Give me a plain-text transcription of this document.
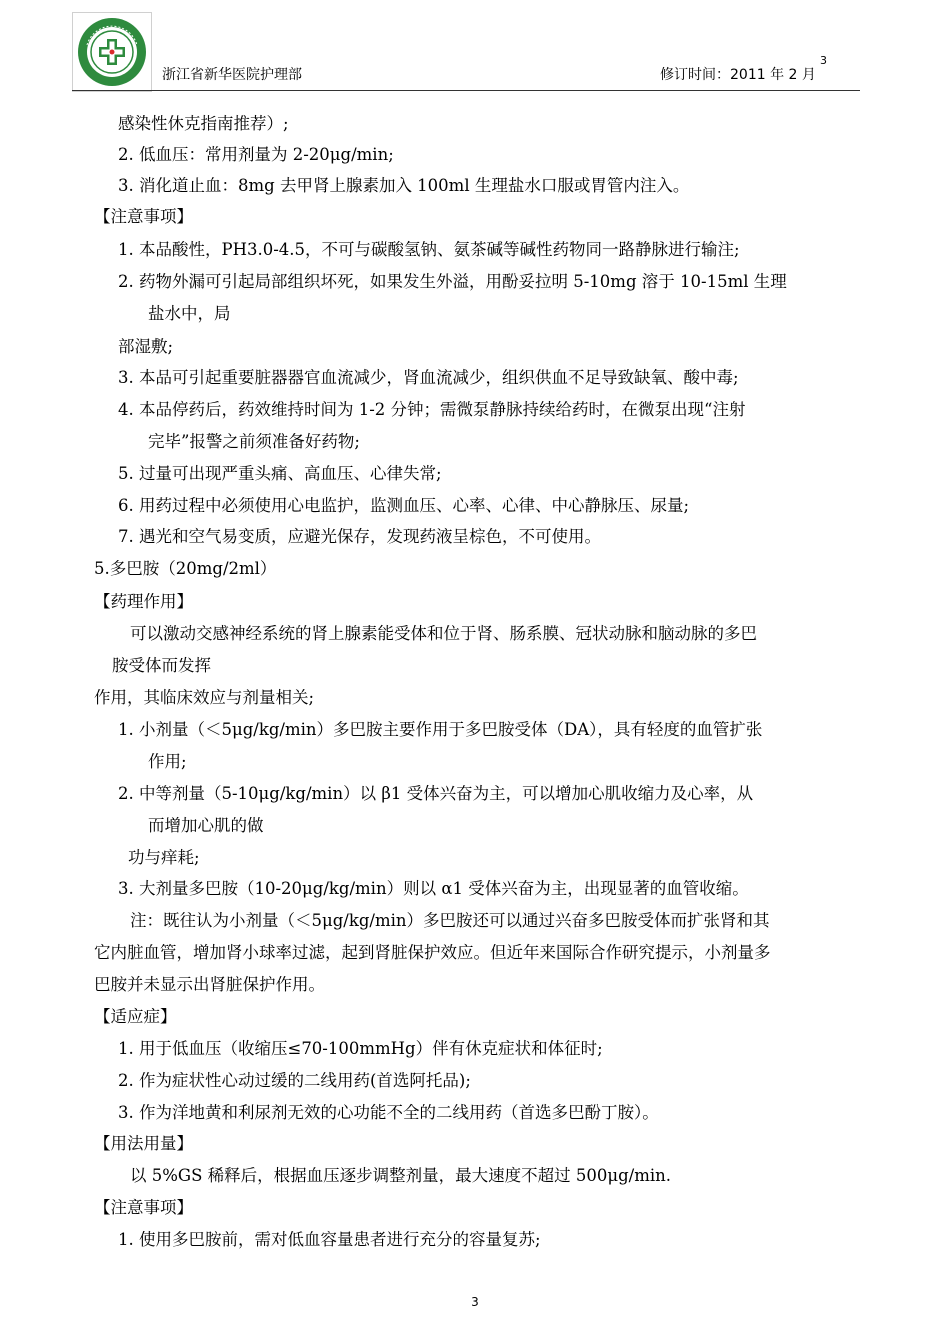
浙江省新华医院护理部	修订时间：2011 年 2 月
3
感染性休克指南推荐）;
2. 低血压：常用剂量为 2-20μg/min;
3. 消化道止血：8mg 去甲肾上腺素加入 100ml 生理盐水口服或胃管内注入。
【注意事项】
1. 本品酸性，PH3.0-4.5，不可与碳酸氢钠、氨茶碱等碱性药物同一路静脉进行输注;
2. 药物外漏可引起局部组织坏死，如果发生外溢，用酚妥拉明 5-10mg 溶于 10-15ml 生理
盐水中，局
部湿敷;
3. 本品可引起重要脏器器官血流减少，肾血流减少，组织供血不足导致缺氧、酸中毒;
4. 本品停药后，药效维持时间为 1-2 分钟；需微泵静脉持续给药时，在微泵出现“注射
完毕”报警之前须准备好药物;
5. 过量可出现严重头痛、高血压、心律失常;
6. 用药过程中必须使用心电监护，监测血压、心率、心律、中心静脉压、尿量;
7. 遇光和空气易变质，应避光保存，发现药液呈棕色，不可使用。
5.多巴胺（20mg/2ml）
【药理作用】
可以激动交感神经系统的肾上腺素能受体和位于肾、肠系膜、冠状动脉和脑动脉的多巴
胺受体而发挥
作用，其临床效应与剂量相关;
1. 小剂量（＜5μg/kg/min）多巴胺主要作用于多巴胺受体（DA），具有轻度的血管扩张
作用;
2. 中等剂量（5-10μg/kg/min）以 β1 受体兴奋为主，可以增加心肌收缩力及心率，从
而增加心肌的做
功与痒耗;
3. 大剂量多巴胺（10-20μg/kg/min）则以 α1 受体兴奋为主，出现显著的血管收缩。
注：既往认为小剂量（＜5μg/kg/min）多巴胺还可以通过兴奋多巴胺受体而扩张肾和其
它内脏血管，增加肾小球率过滤，起到肾脏保护效应。但近年来国际合作研究提示，小剂量多
巴胺并未显示出肾脏保护作用。
【适应症】
1. 用于低血压（收缩压≤70-100mmHg）伴有休克症状和体征时;
2. 作为症状性心动过缓的二线用药(首选阿托品);
3. 作为洋地黄和利尿剂无效的心功能不全的二线用药（首选多巴酚丁胺）。
【用法用量】
以 5%GS 稀释后，根据血压逐步调整剂量，最大速度不超过 500μg/min.
【注意事项】
1. 使用多巴胺前，需对低血容量患者进行充分的容量复苏;
3
